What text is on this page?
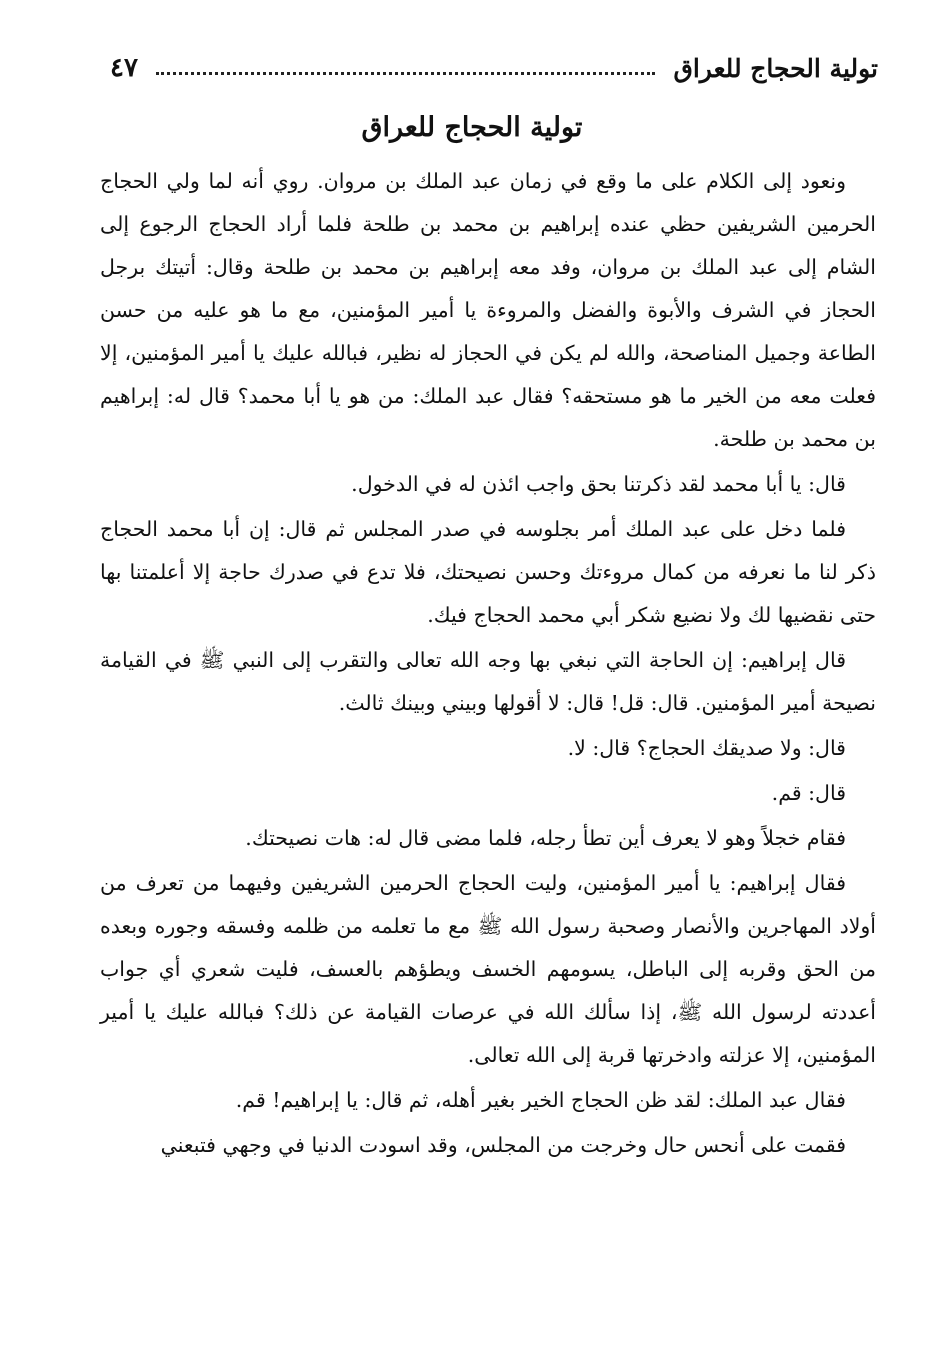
تولية الحجاج للعراق
٤٧
تولية الحجاج للعراق

ونعود إلى الكلام على ما وقع في زمان عبد الملك بن مروان. روي أنه لما ولي الحجاج الحرمين الشريفين حظي عنده إبراهيم بن محمد بن طلحة فلما أراد الحجاج الرجوع إلى الشام إلى عبد الملك بن مروان، وفد معه إبراهيم بن محمد بن طلحة وقال: أتيتك برجل الحجاز في الشرف والأبوة والفضل والمروءة يا أمير المؤمنين، مع ما هو عليه من حسن الطاعة وجميل المناصحة، والله لم يكن في الحجاز له نظير، فبالله عليك يا أمير المؤمنين، إلا فعلت معه من الخير ما هو مستحقه؟ فقال عبد الملك: من هو يا أبا محمد؟ قال له: إبراهيم بن محمد بن طلحة.

قال: يا أبا محمد لقد ذكرتنا بحق واجب ائذن له في الدخول.

فلما دخل على عبد الملك أمر بجلوسه في صدر المجلس ثم قال: إن أبا محمد الحجاج ذكر لنا ما نعرفه من كمال مروءتك وحسن نصيحتك، فلا تدع في صدرك حاجة إلا أعلمتنا بها حتى نقضيها لك ولا نضيع شكر أبي محمد الحجاج فيك.

قال إبراهيم: إن الحاجة التي نبغي بها وجه الله تعالى والتقرب إلى النبي ﷺ في القيامة نصيحة أمير المؤمنين. قال: قل! قال: لا أقولها وبيني وبينك ثالث.

قال: ولا صديقك الحجاج؟ قال: لا.

قال: قم.

فقام خجلاً وهو لا يعرف أين تطأ رجله، فلما مضى قال له: هات نصيحتك.

فقال إبراهيم: يا أمير المؤمنين، وليت الحجاج الحرمين الشريفين وفيهما من تعرف من أولاد المهاجرين والأنصار وصحبة رسول الله ﷺ مع ما تعلمه من ظلمه وفسقه وجوره وبعده من الحق وقربه إلى الباطل، يسومهم الخسف ويطؤهم بالعسف، فليت شعري أي جواب أعددته لرسول الله ﷺ، إذا سألك الله في عرصات القيامة عن ذلك؟ فبالله عليك يا أمير المؤمنين، إلا عزلته وادخرتها قربة إلى الله تعالى.

فقال عبد الملك: لقد ظن الحجاج الخير بغير أهله، ثم قال: يا إبراهيم! قم.

فقمت على أنحس حال وخرجت من المجلس، وقد اسودت الدنيا في وجهي فتبعني
